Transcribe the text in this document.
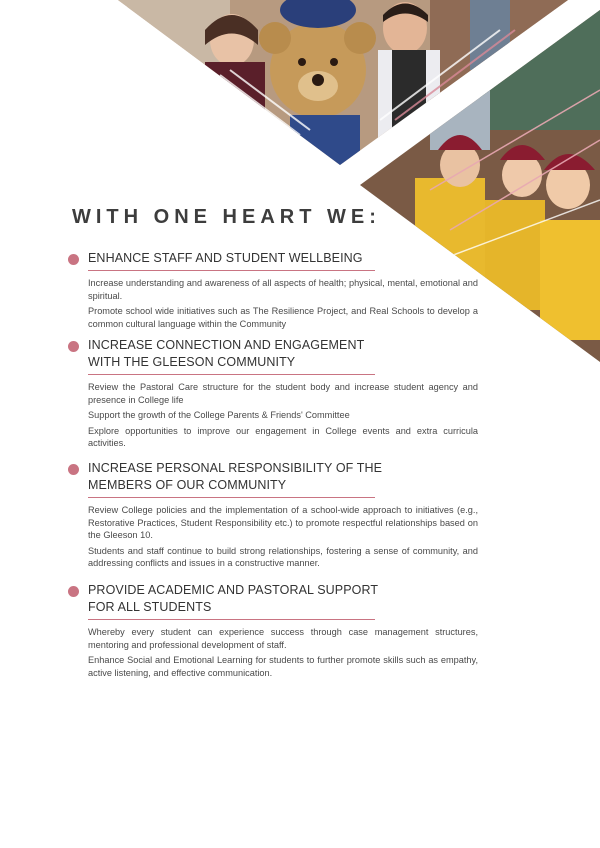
WITH ONE HEART WE:
ENHANCE STAFF AND STUDENT WELLBEING

Increase understanding and awareness of all aspects of health; physical, mental, emotional and spiritual.

Promote school wide initiatives such as The Resilience Project, and Real Schools to develop a common cultural language within the Community

INCREASE CONNECTION AND ENGAGEMENT
WITH THE GLEESON COMMUNITY

Review the Pastoral Care structure for the student body and increase student agency and presence in College life

Support the growth of the College Parents & Friends' Committee

Explore opportunities to improve our engagement in College events and extra curricula activities.

INCREASE PERSONAL RESPONSIBILITY OF THE
MEMBERS OF OUR COMMUNITY

Review College policies and the implementation of a school-wide approach to initiatives (e.g., Restorative Practices, Student Responsibility etc.) to promote respectful relationships based on the Gleeson 10.

Students and staff continue to build strong relationships, fostering a sense of community, and addressing conflicts and issues in a constructive manner.

PROVIDE ACADEMIC AND PASTORAL SUPPORT
FOR ALL STUDENTS

Whereby every student can experience success through case management structures, mentoring and professional development of staff.

Enhance Social and Emotional Learning for students to further promote skills such as empathy, active listening, and effective communication.
